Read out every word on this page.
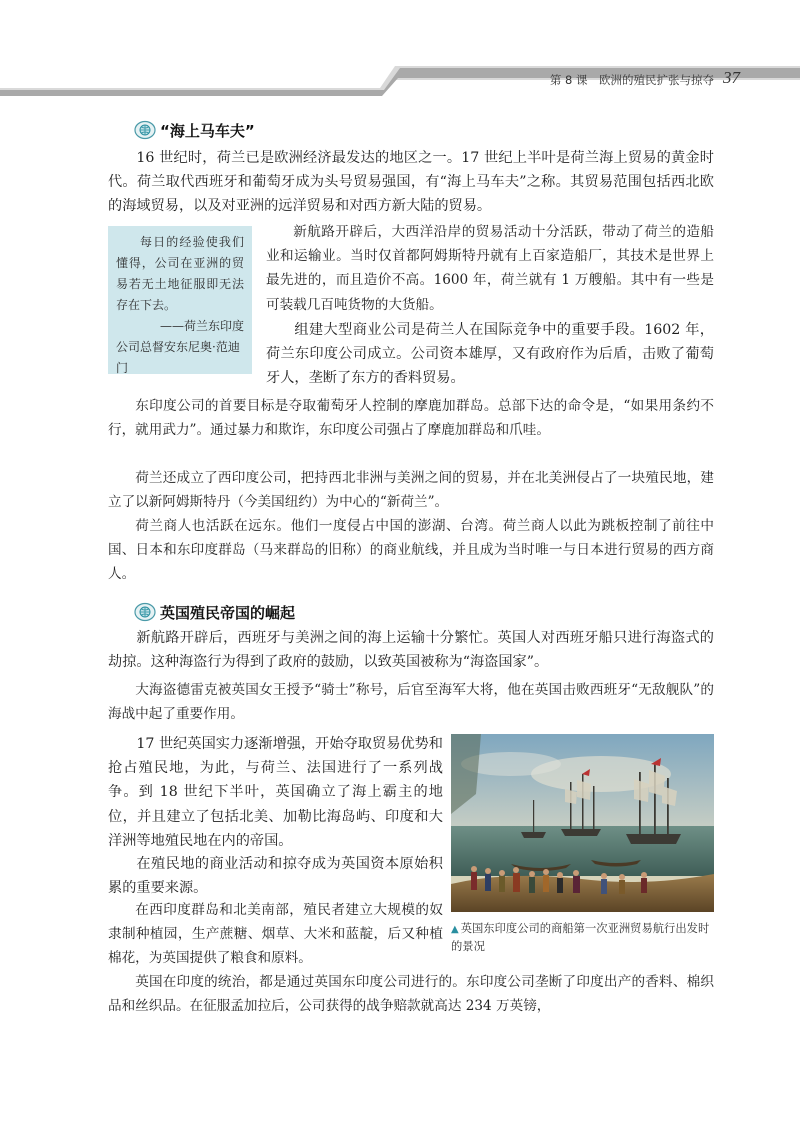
第 8 课　欧洲的殖民扩张与掠夺 37
“海上马车夫”

16 世纪时，荷兰已是欧洲经济最发达的地区之一。17 世纪上半叶是荷兰海上贸易的黄金时代。荷兰取代西班牙和葡萄牙成为头号贸易强国，有“海上马车夫”之称。其贸易范围包括西北欧的海域贸易，以及对亚洲的远洋贸易和对西方新大陆的贸易。

每日的经验使我们懂得，公司在亚洲的贸易若无土地征服即无法存在下去。
——荷兰东印度
公司总督安东尼奥·范迪门

新航路开辟后，大西洋沿岸的贸易活动十分活跃，带动了荷兰的造船业和运输业。当时仅首都阿姆斯特丹就有上百家造船厂，其技术是世界上最先进的，而且造价不高。1600 年，荷兰就有 1 万艘船。其中有一些是可装载几百吨货物的大货船。

组建大型商业公司是荷兰人在国际竞争中的重要手段。1602 年，荷兰东印度公司成立。公司资本雄厚，又有政府作为后盾，击败了葡萄牙人，垄断了东方的香料贸易。

东印度公司的首要目标是夺取葡萄牙人控制的摩鹿加群岛。总部下达的命令是，“如果用条约不行，就用武力”。通过暴力和欺诈，东印度公司强占了摩鹿加群岛和爪哇。

荷兰还成立了西印度公司，把持西北非洲与美洲之间的贸易，并在北美洲侵占了一块殖民地，建立了以新阿姆斯特丹（今美国纽约）为中心的“新荷兰”。

荷兰商人也活跃在远东。他们一度侵占中国的澎湖、台湾。荷兰商人以此为跳板控制了前往中国、日本和东印度群岛（马来群岛的旧称）的商业航线，并且成为当时唯一与日本进行贸易的西方商人。

英国殖民帝国的崛起

新航路开辟后，西班牙与美洲之间的海上运输十分繁忙。英国人对西班牙船只进行海盗式的劫掠。这种海盗行为得到了政府的鼓励，以致英国被称为“海盗国家”。

大海盗德雷克被英国女王授予“骑士”称号，后官至海军大将，他在英国击败西班牙“无敌舰队”的海战中起了重要作用。

17 世纪英国实力逐渐增强，开始夺取贸易优势和抢占殖民地，为此，与荷兰、法国进行了一系列战争。到 18 世纪下半叶，英国确立了海上霸主的地位，并且建立了包括北美、加勒比海岛屿、印度和大洋洲等地殖民地在内的帝国。

在殖民地的商业活动和掠夺成为英国资本原始积累的重要来源。

在西印度群岛和北美南部，殖民者建立大规模的奴隶制种植园，生产蔗糖、烟草、大米和蓝靛，后又种植棉花，为英国提供了粮食和原料。

英国在印度的统治，都是通过英国东印度公司进行的。东印度公司垄断了印度出产的香料、棉织品和丝织品。在征服孟加拉后，公司获得的战争赔款就高达 234 万英镑，

▲ 英国东印度公司的商船第一次亚洲贸易航行出发时的景况
